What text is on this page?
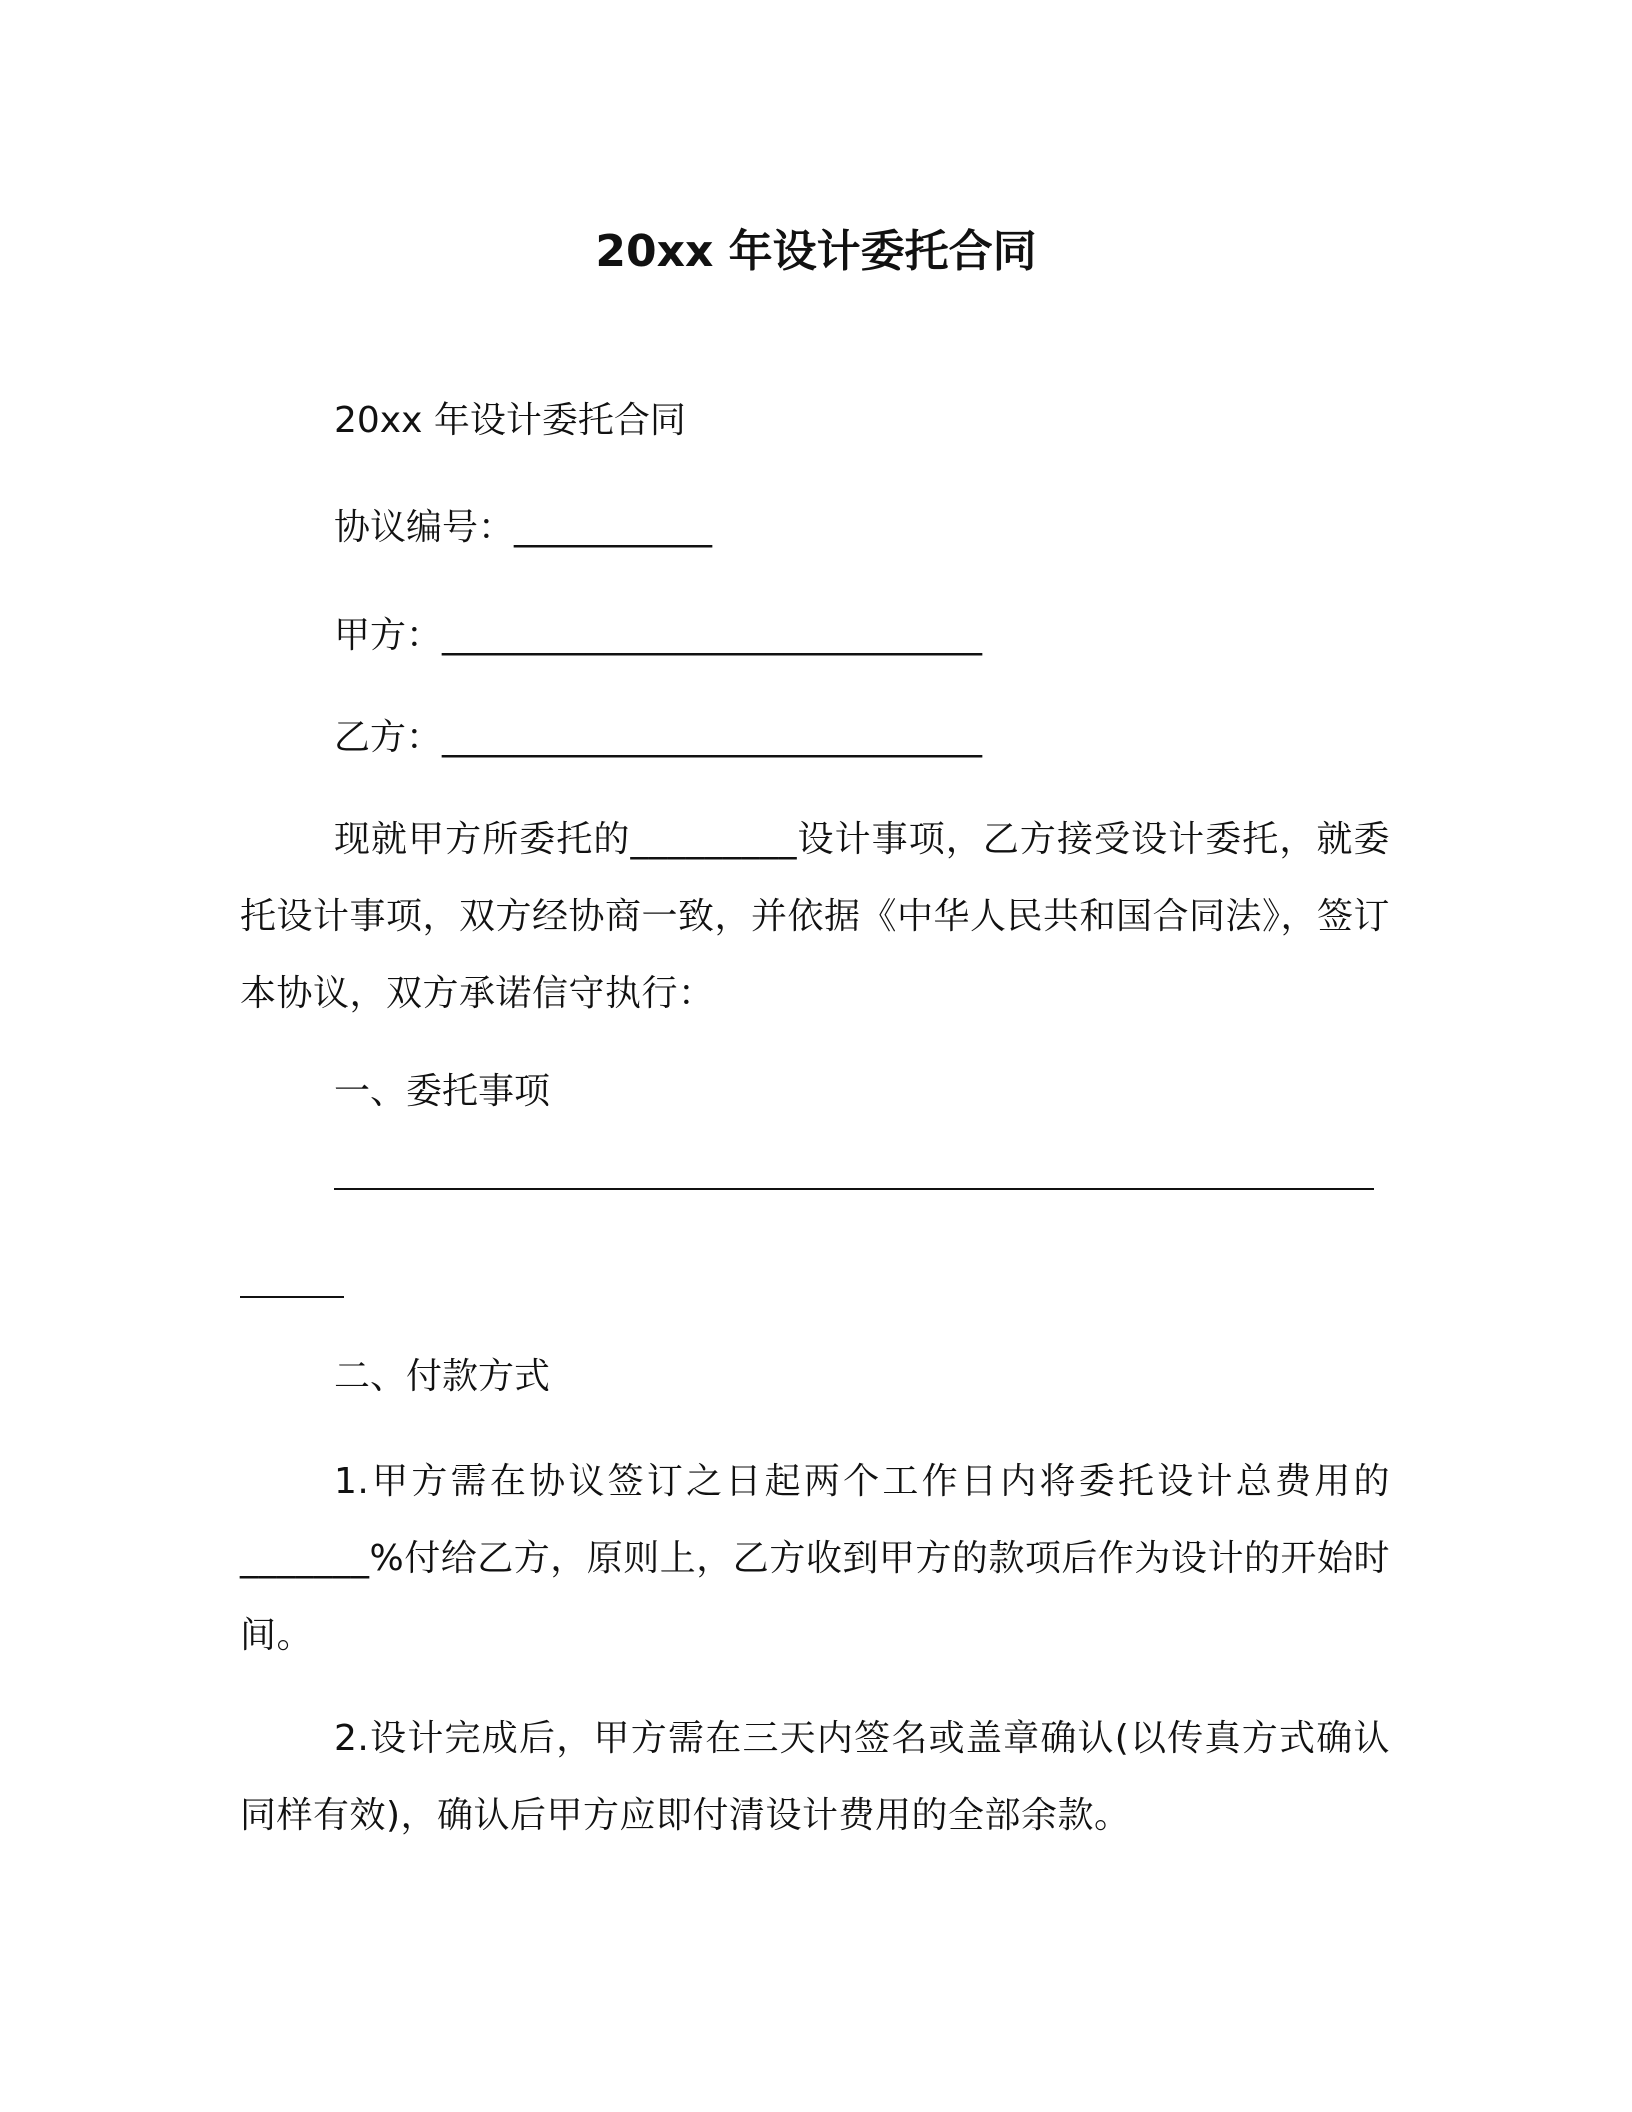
20xx 年设计委托合同
20xx 年设计委托合同
协议编号：___________
甲方：______________________________
乙方：______________________________
现就甲方所委托的_________设计事项，乙方接受设计委托，就委托设计事项，双方经协商一致，并依据《中华人民共和国合同法》，签订本协议，双方承诺信守执行：
一、委托事项
二、付款方式
1.甲方需在协议签订之日起两个工作日内将委托设计总费用的_______%付给乙方，原则上，乙方收到甲方的款项后作为设计的开始时间。
2.设计完成后，甲方需在三天内签名或盖章确认(以传真方式确认同样有效)，确认后甲方应即付清设计费用的全部余款。
